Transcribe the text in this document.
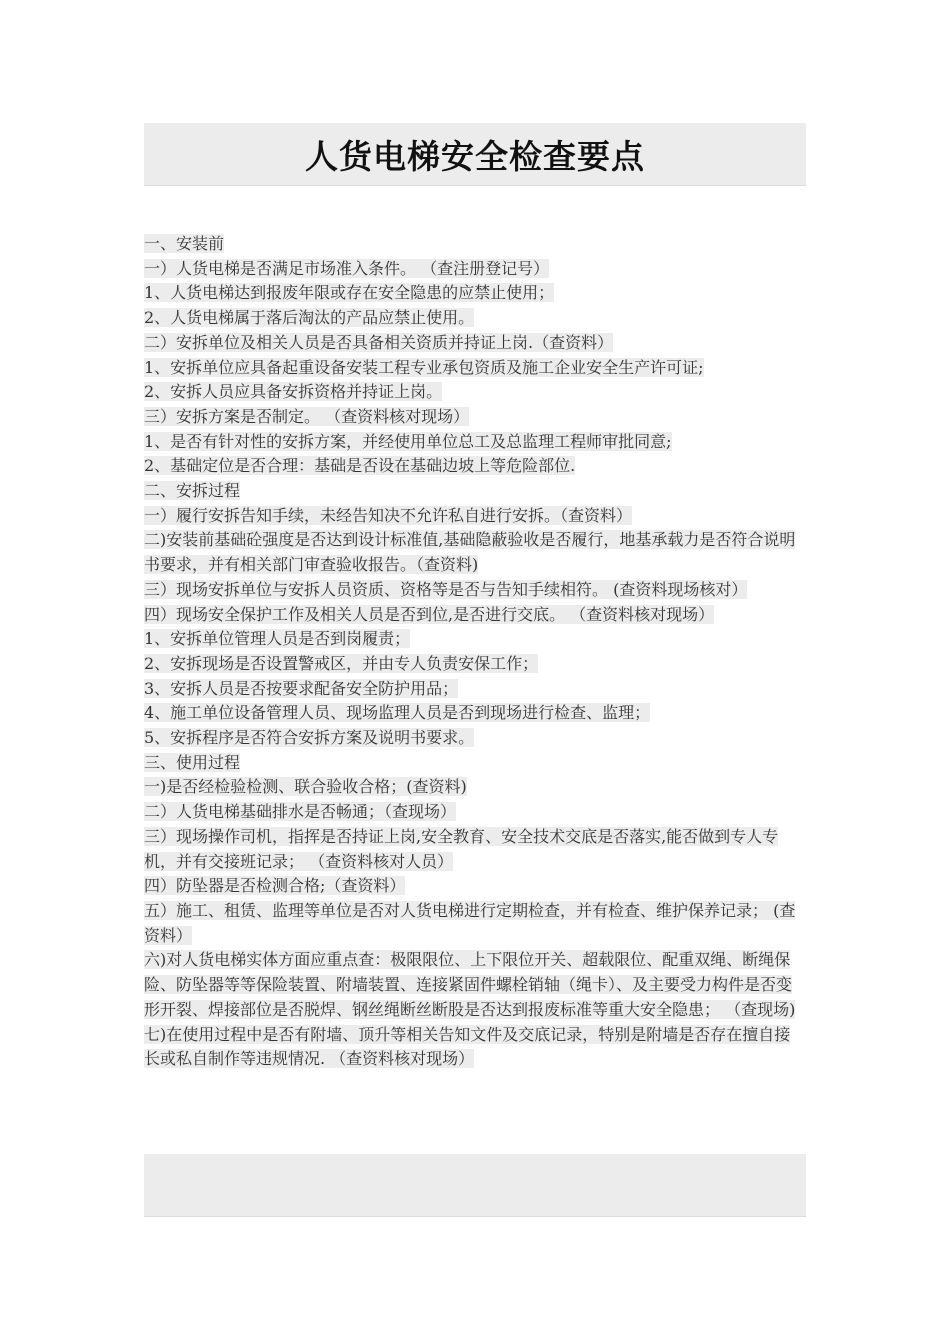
人货电梯安全检查要点

一、安装前

一）人货电梯是否满足市场准入条件。 （查注册登记号）

1、人货电梯达到报废年限或存在安全隐患的应禁止使用；

2、人货电梯属于落后淘汰的产品应禁止使用。

二）安拆单位及相关人员是否具备相关资质并持证上岗.（查资料）

1、安拆单位应具备起重设备安装工程专业承包资质及施工企业安全生产许可证;

2、安拆人员应具备安拆资格并持证上岗。

三）安拆方案是否制定。 （查资料核对现场）

1、是否有针对性的安拆方案，并经使用单位总工及总监理工程师审批同意;

2、基础定位是否合理：基础是否设在基础边坡上等危险部位.

二、安拆过程

一）履行安拆告知手续，未经告知决不允许私自进行安拆。（查资料）

二)安装前基础砼强度是否达到设计标准值,基础隐蔽验收是否履行，地基承载力是否符合说明书要求，并有相关部门审查验收报告。（查资料)

三）现场安拆单位与安拆人员资质、资格等是否与告知手续相符。 (查资料现场核对）

四）现场安全保护工作及相关人员是否到位,是否进行交底。 （查资料核对现场）

1、安拆单位管理人员是否到岗履责；

2、安拆现场是否设置警戒区，并由专人负责安保工作；

3、安拆人员是否按要求配备安全防护用品；

4、施工单位设备管理人员、现场监理人员是否到现场进行检查、监理；

5、安拆程序是否符合安拆方案及说明书要求。

三、使用过程

一)是否经检验检测、联合验收合格；(查资料)

二）人货电梯基础排水是否畅通；（查现场）

三）现场操作司机，指挥是否持证上岗,安全教育、安全技术交底是否落实,能否做到专人专机，并有交接班记录； （查资料核对人员）

四）防坠器是否检测合格;（查资料）

五）施工、租赁、监理等单位是否对人货电梯进行定期检查，并有检查、维护保养记录； (查资料）

六)对人货电梯实体方面应重点查：极限限位、上下限位开关、超载限位、配重双绳、断绳保险、防坠器等等保险装置、附墙装置、连接紧固件螺栓销轴（绳卡）、及主要受力构件是否变形开裂、焊接部位是否脱焊、钢丝绳断丝断股是否达到报废标准等重大安全隐患； （查现场)

七)在使用过程中是否有附墙、顶升等相关告知文件及交底记录，特别是附墙是否存在擅自接长或私自制作等违规情况. （查资料核对现场）
